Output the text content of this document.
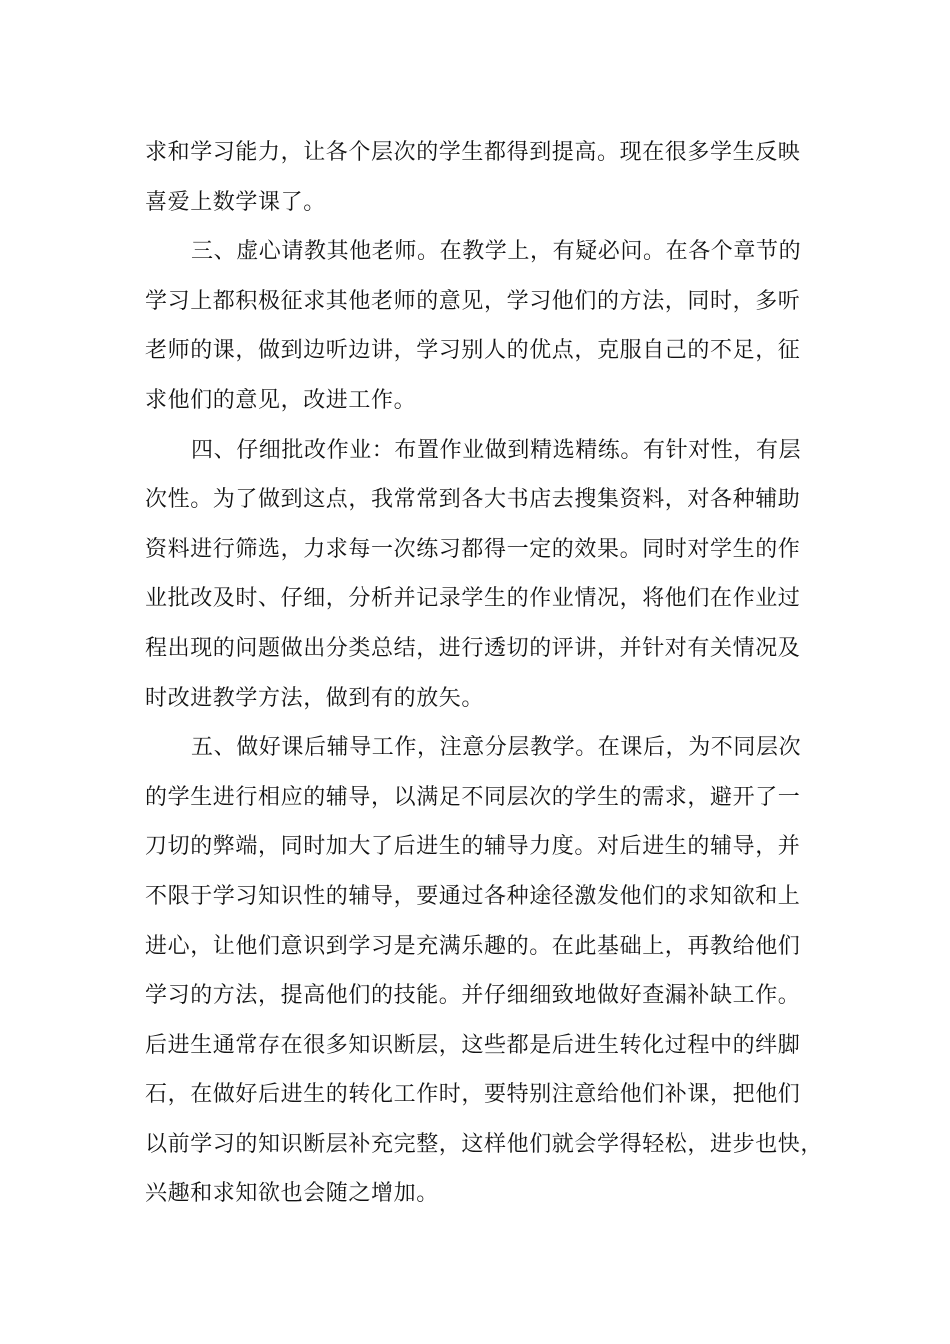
求和学习能力，让各个层次的学生都得到提高。现在很多学生反映
喜爱上数学课了。
三、虚心请教其他老师。在教学上，有疑必问。在各个章节的
学习上都积极征求其他老师的意见，学习他们的方法，同时，多听
老师的课，做到边听边讲，学习别人的优点，克服自己的不足，征
求他们的意见，改进工作。
四、仔细批改作业：布置作业做到精选精练。有针对性，有层
次性。为了做到这点，我常常到各大书店去搜集资料，对各种辅助
资料进行筛选，力求每一次练习都得一定的效果。同时对学生的作
业批改及时、仔细，分析并记录学生的作业情况，将他们在作业过
程出现的问题做出分类总结，进行透切的评讲，并针对有关情况及
时改进教学方法，做到有的放矢。
五、做好课后辅导工作，注意分层教学。在课后，为不同层次
的学生进行相应的辅导，以满足不同层次的学生的需求，避开了一
刀切的弊端，同时加大了后进生的辅导力度。对后进生的辅导，并
不限于学习知识性的辅导，要通过各种途径激发他们的求知欲和上
进心，让他们意识到学习是充满乐趣的。在此基础上，再教给他们
学习的方法，提高他们的技能。并仔细细致地做好查漏补缺工作。
后进生通常存在很多知识断层，这些都是后进生转化过程中的绊脚
石，在做好后进生的转化工作时，要特别注意给他们补课，把他们
以前学习的知识断层补充完整，这样他们就会学得轻松，进步也快，
兴趣和求知欲也会随之增加。
